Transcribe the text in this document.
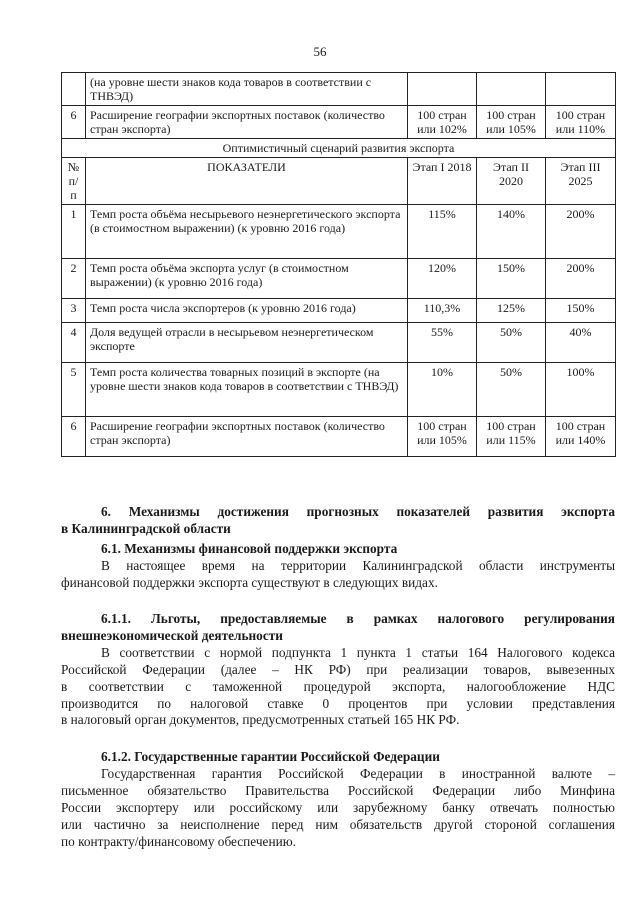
56
	(на уровне шести знаков кода товаров в соответствии с ТНВЭД)			
6	Расширение географии экспортных поставок (количество стран экспорта)	100 стран или 102%	100 стран или 105%	100 стран или 110%
Оптимистичный сценарий развития экспорта				
№ п/п	ПОКАЗАТЕЛИ	Этап I 2018	Этап II 2020	Этап III 2025
1	Темп роста объёма несырьевого неэнергетического экспорта (в стоимостном выражении) (к уровню 2016 года)	115%	140%	200%
2	Темп роста объёма экспорта услуг (в стоимостном выражении) (к уровню 2016 года)	120%	150%	200%
3	Темп роста числа экспортеров (к уровню 2016 года)	110,3%	125%	150%
4	Доля ведущей отрасли в несырьевом неэнергетическом экспорте	55%	50%	40%
5	Темп роста количества товарных позиций в экспорте (на уровне шести знаков кода товаров в соответствии с ТНВЭД)	10%	50%	100%
6	Расширение географии экспортных поставок (количество стран экспорта)	100 стран или 105%	100 стран или 115%	100 стран или 140%
6. Механизмы достижения прогнозных показателей развития экспорта
в Калининградской области
6.1. Механизмы финансовой поддержки экспорта
В настоящее время на территории Калининградской области инструменты
финансовой поддержки экспорта существуют в следующих видах.
6.1.1. Льготы, предоставляемые в рамках налогового регулирования
внешнеэкономической деятельности
В соответствии с нормой подпункта 1 пункта 1 статьи 164 Налогового кодекса
Российской Федерации (далее – НК РФ) при реализации товаров, вывезенных
в соответствии с таможенной процедурой экспорта, налогообложение НДС
производится по налоговой ставке 0 процентов при условии представления
в налоговый орган документов, предусмотренных статьей 165 НК РФ.
6.1.2. Государственные гарантии Российской Федерации
Государственная гарантия Российской Федерации в иностранной валюте –
письменное обязательство Правительства Российской Федерации либо Минфина
России экспортеру или российскому или зарубежному банку отвечать полностью
или частично за неисполнение перед ним обязательств другой стороной соглашения
по контракту/финансовому обеспечению.
